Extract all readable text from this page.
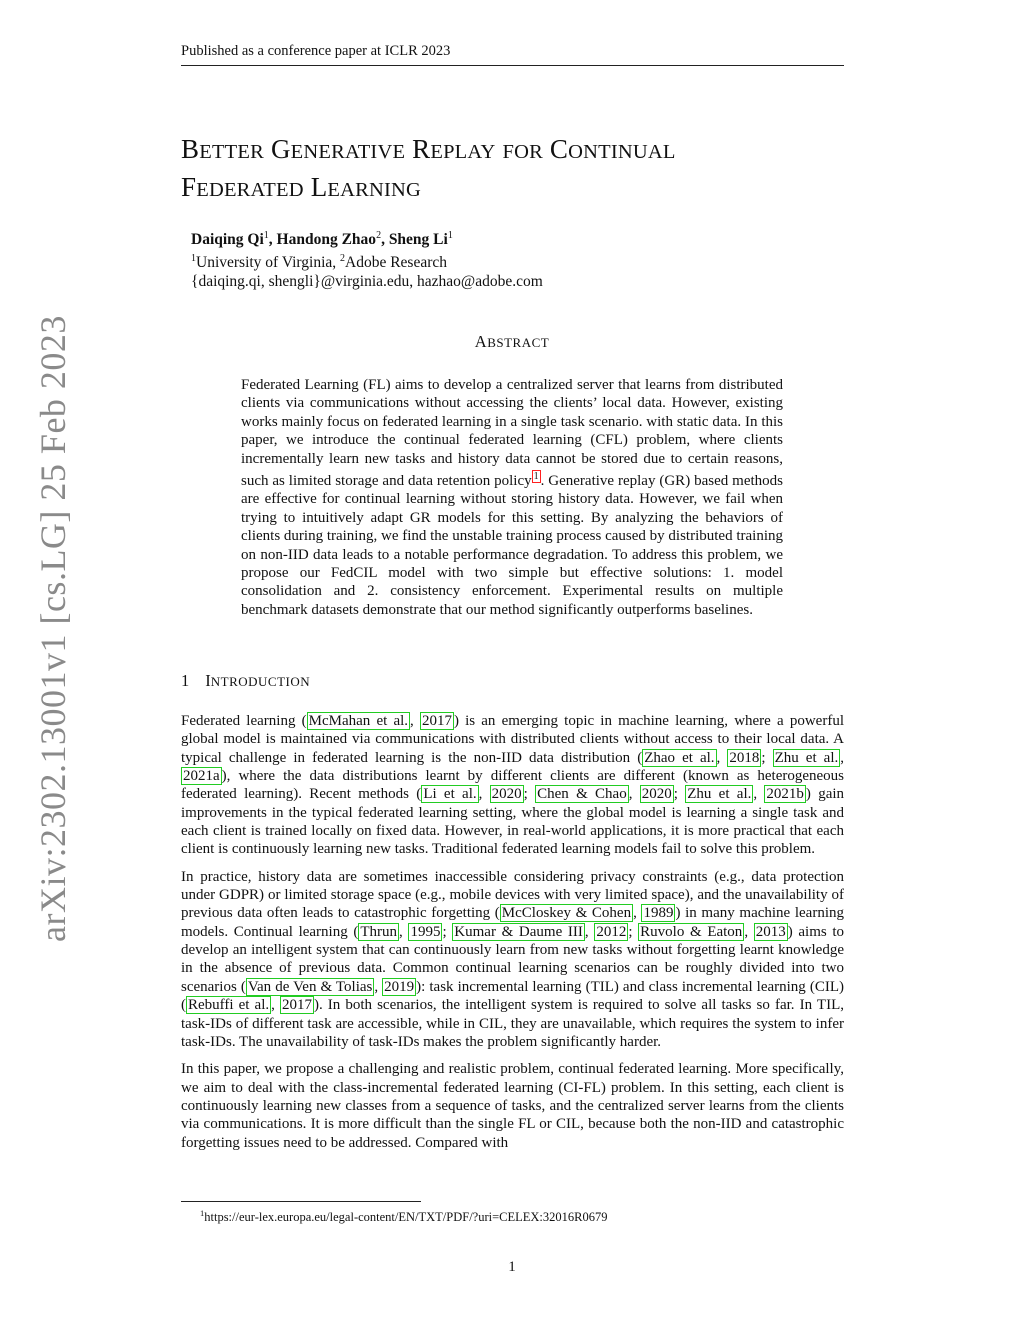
Published as a conference paper at ICLR 2023
BETTER GENERATIVE REPLAY FOR CONTINUAL
FEDERATED LEARNING
Daiqing Qi$^1$, Handong Zhao$^2$, Sheng Li$^1$
$^1$University of Virginia, $^2$Adobe Research
{daiqing.qi, shengli}@virginia.edu, hazhao@adobe.com
ABSTRACT
Federated Learning (FL) aims to develop a centralized server that learns from distributed clients via communications without accessing the clients’ local data. However, existing works mainly focus on federated learning in a single task scenario. with static data. In this paper, we introduce the continual federated learning (CFL) problem, where clients incrementally learn new tasks and history data cannot be stored due to certain reasons, such as limited storage and data retention policy $^1$ . Generative replay (GR) based methods are effective for continual learning without storing history data. However, we fail when trying to intuitively adapt GR models for this setting. By analyzing the behaviors of clients during training, we find the unstable training process caused by distributed training on non-IID data leads to a notable performance degradation. To address this problem, we propose our FedCIL model with two simple but effective solutions: 1. model consolidation and 2. consistency enforcement. Experimental results on multiple benchmark datasets demonstrate that our method significantly outperforms baselines.
arXiv:2302.13001v1 [cs.LG] 25 Feb 2023	1 INTRODUCTION

Federated learning ( McMahan et al. , 2017 ) is an emerging topic in machine learning, where a powerful global model is maintained via communications with distributed clients without access to their local data. A typical challenge in federated learning is the non-IID data distribution ( Zhao et al. , 2018 ; Zhu et al. , 2021a ), where the data distributions learnt by different clients are different (known as heterogeneous federated learning). Recent methods ( Li et al. , 2020 ; Chen & Chao , 2020 ; Zhu et al. , 2021b ) gain improvements in the typical federated learning setting, where the global model is learning a single task and each client is trained locally on fixed data. However, in real-world applications, it is more practical that each client is continuously learning new tasks. Traditional federated learning models fail to solve this problem.

In practice, history data are sometimes inaccessible considering privacy constraints (e.g., data protection under GDPR) or limited storage space (e.g., mobile devices with very limited space), and the unavailability of previous data often leads to catastrophic forgetting ( McCloskey & Cohen , 1989 ) in many machine learning models. Continual learning ( Thrun , 1995 ; Kumar & Daume III , 2012 ; Ruvolo & Eaton , 2013 ) aims to develop an intelligent system that can continuously learn from new tasks without forgetting learnt knowledge in the absence of previous data. Common continual learning scenarios can be roughly divided into two scenarios ( Van de Ven & Tolias , 2019 ): task incremental learning (TIL) and class incremental learning (CIL) ( Rebuffi et al. , 2017 ). In both scenarios, the intelligent system is required to solve all tasks so far. In TIL, task-IDs of different task are accessible, while in CIL, they are unavailable, which requires the system to infer task-IDs. The unavailability of task-IDs makes the problem significantly harder.

In this paper, we propose a challenging and realistic problem, continual federated learning. More specifically, we aim to deal with the class-incremental federated learning (CI-FL) problem. In this setting, each client is continuously learning new classes from a sequence of tasks, and the centralized server learns from the clients via communications. It is more difficult than the single FL or CIL, because both the non-IID and catastrophic forgetting issues need to be addressed. Compared with

$^1$https://eur-lex.europa.eu/legal-content/EN/TXT/PDF/?uri=CELEX:32016R0679
1
